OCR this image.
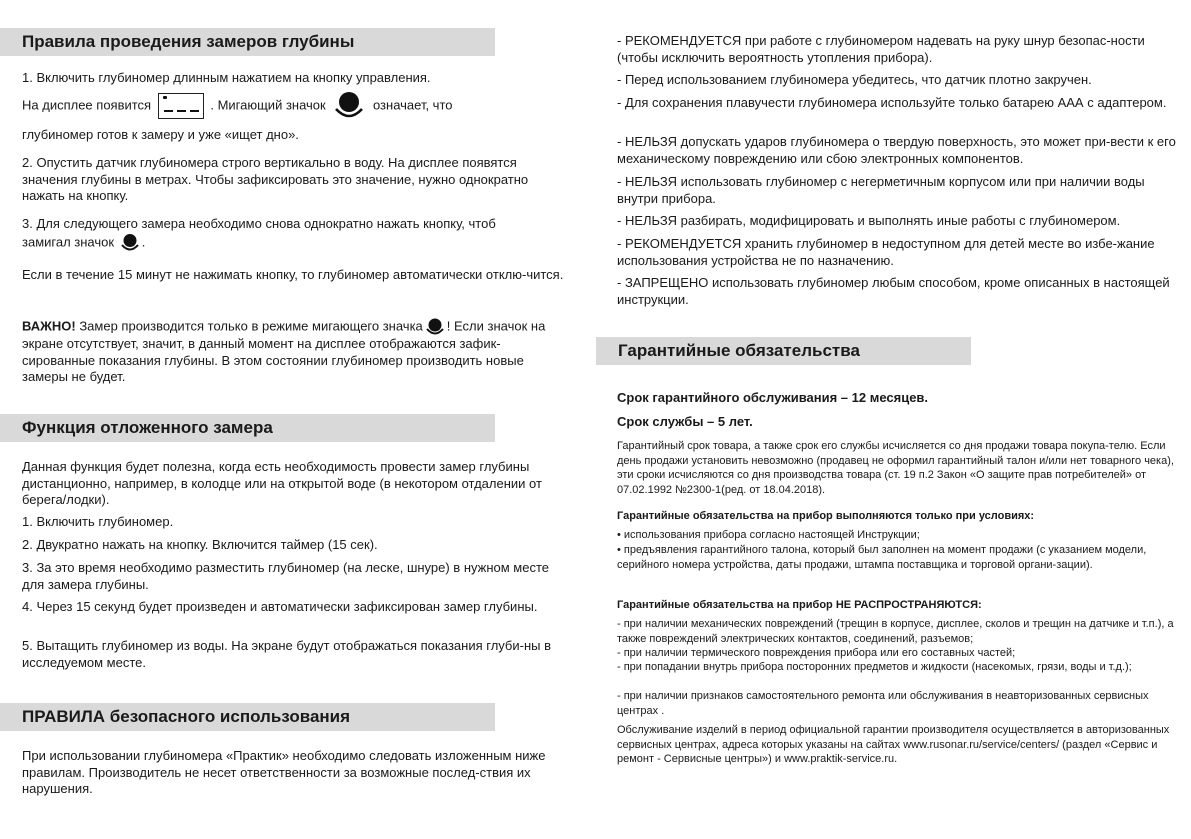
Правила проведения замеров глубины

1. Включить глубиномер длинным нажатием на кнопку управления.

На дисплее появится	. Мигающий значок	означает, что

глубиномер готов к замеру и уже «ищет дно».

2. Опустить датчик глубиномера строго вертикально в воду. На дисплее появятся значения глубины в метрах. Чтобы зафиксировать это значение, нужно однократно нажать на кнопку.

3. Для следующего замера необходимо снова однократно нажать кнопку, чтоб
замигал значок .

Если в течение 15 минут не нажимать кнопку, то глубиномер автоматически отклю-чится.

ВАЖНО! Замер производится только в режиме мигающего значка ! Если значок на экране отсутствует, значит, в данный момент на дисплее отображаются зафик-сированные показания глубины. В этом состоянии глубиномер производить новые замеры не будет.
Функция отложенного замера

Данная функция будет полезна, когда есть необходимость провести замер глубины дистанционно, например, в колодце или на открытой воде (в некотором отдалении от берега/лодки).

1. Включить глубиномер.

2. Двукратно нажать на кнопку. Включится таймер (15 сек).

3. За это время необходимо разместить глубиномер (на леске, шнуре) в нужном месте для замера глубины.

4. Через 15 секунд будет произведен и автоматически зафиксирован замер глубины.

5. Вытащить глубиномер из воды. На экране будут отображаться показания глуби-ны в исследуемом месте.

ПРАВИЛА безопасного использования

При использовании глубиномера «Практик» необходимо следовать изложенным ниже правилам. Производитель не несет ответственности за возможные послед-ствия их нарушения.

- РЕКОМЕНДУЕТСЯ при работе с глубиномером надевать на руку шнур безопас-ности (чтобы исключить вероятность утопления прибора).

- Перед использованием глубиномера убедитесь, что датчик плотно закручен.

- Для сохранения плавучести глубиномера используйте только батарею ААА с адаптером.

- НЕЛЬЗЯ допускать ударов глубиномера о твердую поверхность, это может при-вести к его механическому повреждению или сбою электронных компонентов.

- НЕЛЬЗЯ использовать глубиномер с негерметичным корпусом или при наличии воды внутри прибора.

- НЕЛЬЗЯ разбирать, модифицировать и выполнять иные работы с глубиномером.

- РЕКОМЕНДУЕТСЯ хранить глубиномер в недоступном для детей месте во избе-жание использования устройства не по назначению.

- ЗАПРЕЩЕНО использовать глубиномер любым способом, кроме описанных в настоящей инструкции.

Гарантийные обязательства

Срок гарантийного обслуживания – 12 месяцев.

Срок службы – 5 лет.

Гарантийный срок товара, а также срок его службы исчисляется со дня продажи товара покупа-телю. Если день продажи установить невозможно (продавец не оформил гарантийный талон и/или нет товарного чека), эти сроки исчисляются со дня производства товара (ст. 19 п.2 Закон «О защите прав потребителей» от 07.02.1992 №2300-1(ред. от 18.04.2018).

Гарантийные обязательства на прибор выполняются только при условиях:

• использования прибора согласно настоящей Инструкции;

• предъявления гарантийного талона, который был заполнен на момент продажи (с указанием модели, серийного номера устройства, даты продажи, штампа поставщика и торговой органи-зации).

Гарантийные обязательства на прибор НЕ РАСПРОСТРАНЯЮТСЯ:

- при наличии механических повреждений (трещин в корпусе, дисплее, сколов и трещин на датчике и т.п.), а также повреждений электрических контактов, соединений, разъемов;

- при наличии термического повреждения прибора или его составных частей;

- при попадании внутрь прибора посторонних предметов и жидкости (насекомых, грязи, воды и т.д.);

- при наличии признаков самостоятельного ремонта или обслуживания в неавторизованных сервисных центрах .

Обслуживание изделий в период официальной гарантии производителя осуществляется в авторизованных сервисных центрах, адреса которых указаны на сайтах www.rusonar.ru/service/centers/ (раздел «Сервис и ремонт - Сервисные центры») и www.praktik-service.ru.
